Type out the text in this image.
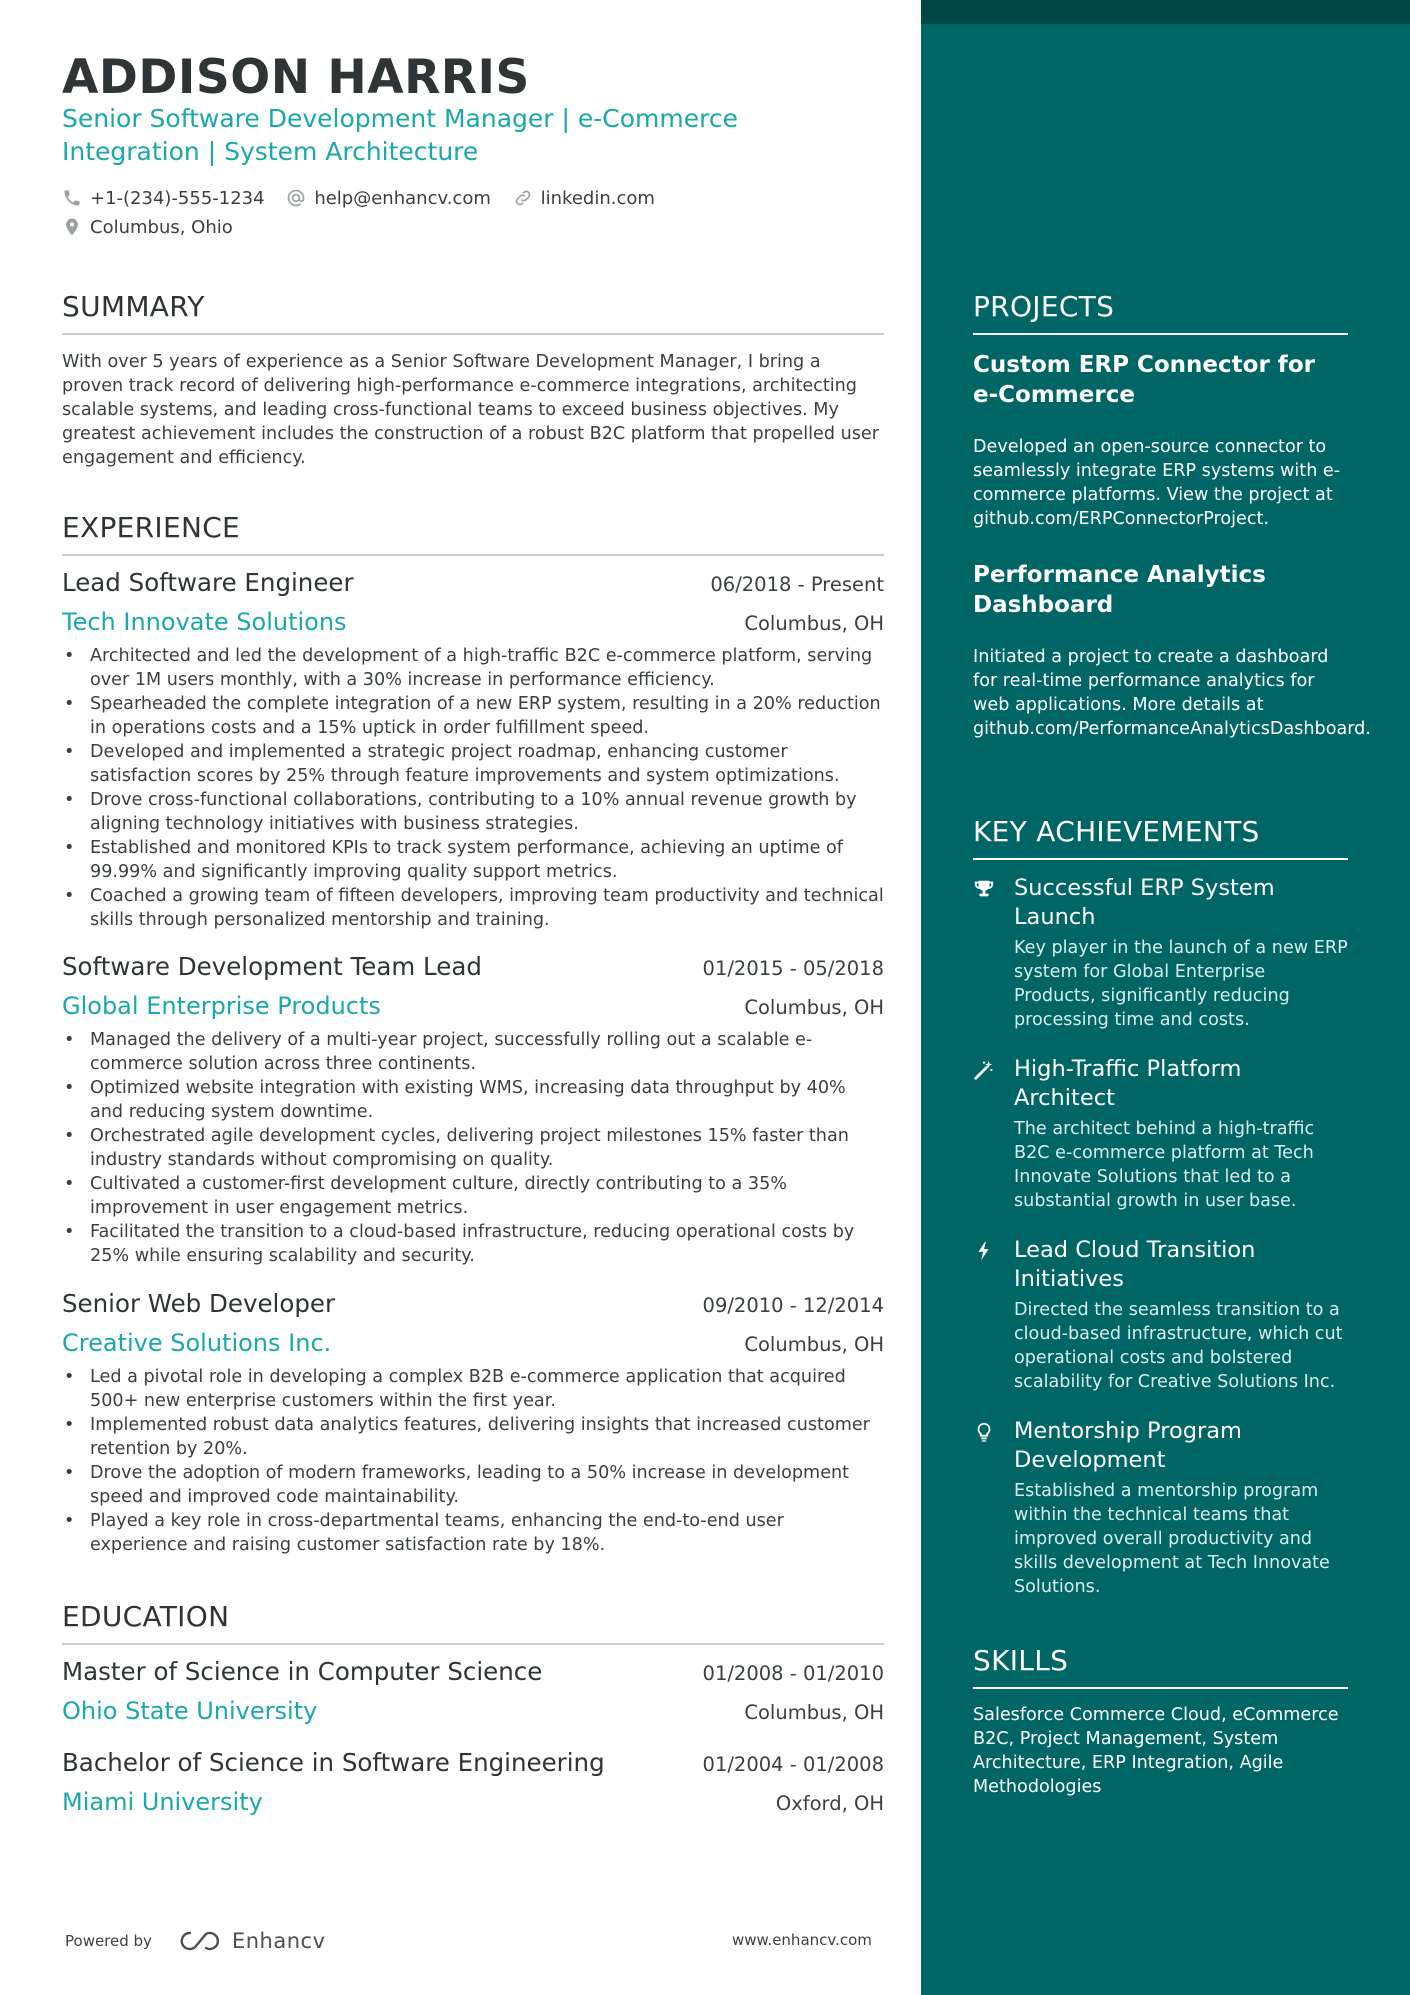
ADDISON HARRIS
Senior Software Development Manager | e-Commerce Integration | System Architecture
+1-(234)-555-1234
	help@enhancv.com
	linkedin.com

Columbus, Ohio
SUMMARY
With over 5 years of experience as a Senior Software Development Manager, I bring a proven track record of delivering high-performance e-commerce integrations, architecting scalable systems, and leading cross-functional teams to exceed business objectives. My greatest achievement includes the construction of a robust B2C platform that propelled user engagement and efficiency.
EXPERIENCE
Lead Software Engineer	06/2018 - Present
Tech Innovate Solutions	Columbus, OH
• Architected and led the development of a high-traffic B2C e-commerce platform, serving over 1M users monthly, with a 30% increase in performance efficiency.
• Spearheaded the complete integration of a new ERP system, resulting in a 20% reduction in operations costs and a 15% uptick in order fulfillment speed.
• Developed and implemented a strategic project roadmap, enhancing customer satisfaction scores by 25% through feature improvements and system optimizations.
• Drove cross-functional collaborations, contributing to a 10% annual revenue growth by aligning technology initiatives with business strategies.
• Established and monitored KPIs to track system performance, achieving an uptime of 99.99% and significantly improving quality support metrics.
• Coached a growing team of fifteen developers, improving team productivity and technical skills through personalized mentorship and training.
Software Development Team Lead	01/2015 - 05/2018
Global Enterprise Products	Columbus, OH
• Managed the delivery of a multi-year project, successfully rolling out a scalable e-commerce solution across three continents.
• Optimized website integration with existing WMS, increasing data throughput by 40% and reducing system downtime.
• Orchestrated agile development cycles, delivering project milestones 15% faster than industry standards without compromising on quality.
• Cultivated a customer-first development culture, directly contributing to a 35% improvement in user engagement metrics.
• Facilitated the transition to a cloud-based infrastructure, reducing operational costs by 25% while ensuring scalability and security.
Senior Web Developer	09/2010 - 12/2014
Creative Solutions Inc.	Columbus, OH
• Led a pivotal role in developing a complex B2B e-commerce application that acquired 500+ new enterprise customers within the first year.
• Implemented robust data analytics features, delivering insights that increased customer retention by 20%.
• Drove the adoption of modern frameworks, leading to a 50% increase in development speed and improved code maintainability.
• Played a key role in cross-departmental teams, enhancing the end-to-end user experience and raising customer satisfaction rate by 18%.
EDUCATION
Master of Science in Computer Science	01/2008 - 01/2010
Ohio State University	Columbus, OH
Bachelor of Science in Software Engineering	01/2004 - 01/2008
Miami University	Oxford, OH
Powered by	Enhancv	www.enhancv.com
PROJECTS
Custom ERP Connector for e-Commerce
Developed an open-source connector to seamlessly integrate ERP systems with e-commerce platforms. View the project at github.com/ERPConnectorProject.
Performance Analytics Dashboard
Initiated a project to create a dashboard for real-time performance analytics for web applications. More details at github.com/PerformanceAnalyticsDashboard.
KEY ACHIEVEMENTS
Successful ERP System Launch
Key player in the launch of a new ERP system for Global Enterprise Products, significantly reducing processing time and costs.
High-Traffic Platform Architect
The architect behind a high-traffic B2C e-commerce platform at Tech Innovate Solutions that led to a substantial growth in user base.
Lead Cloud Transition Initiatives
Directed the seamless transition to a cloud-based infrastructure, which cut operational costs and bolstered scalability for Creative Solutions Inc.
Mentorship Program Development
Established a mentorship program within the technical teams that improved overall productivity and skills development at Tech Innovate Solutions.
SKILLS
Salesforce Commerce Cloud, eCommerce B2C, Project Management, System Architecture, ERP Integration, Agile Methodologies
